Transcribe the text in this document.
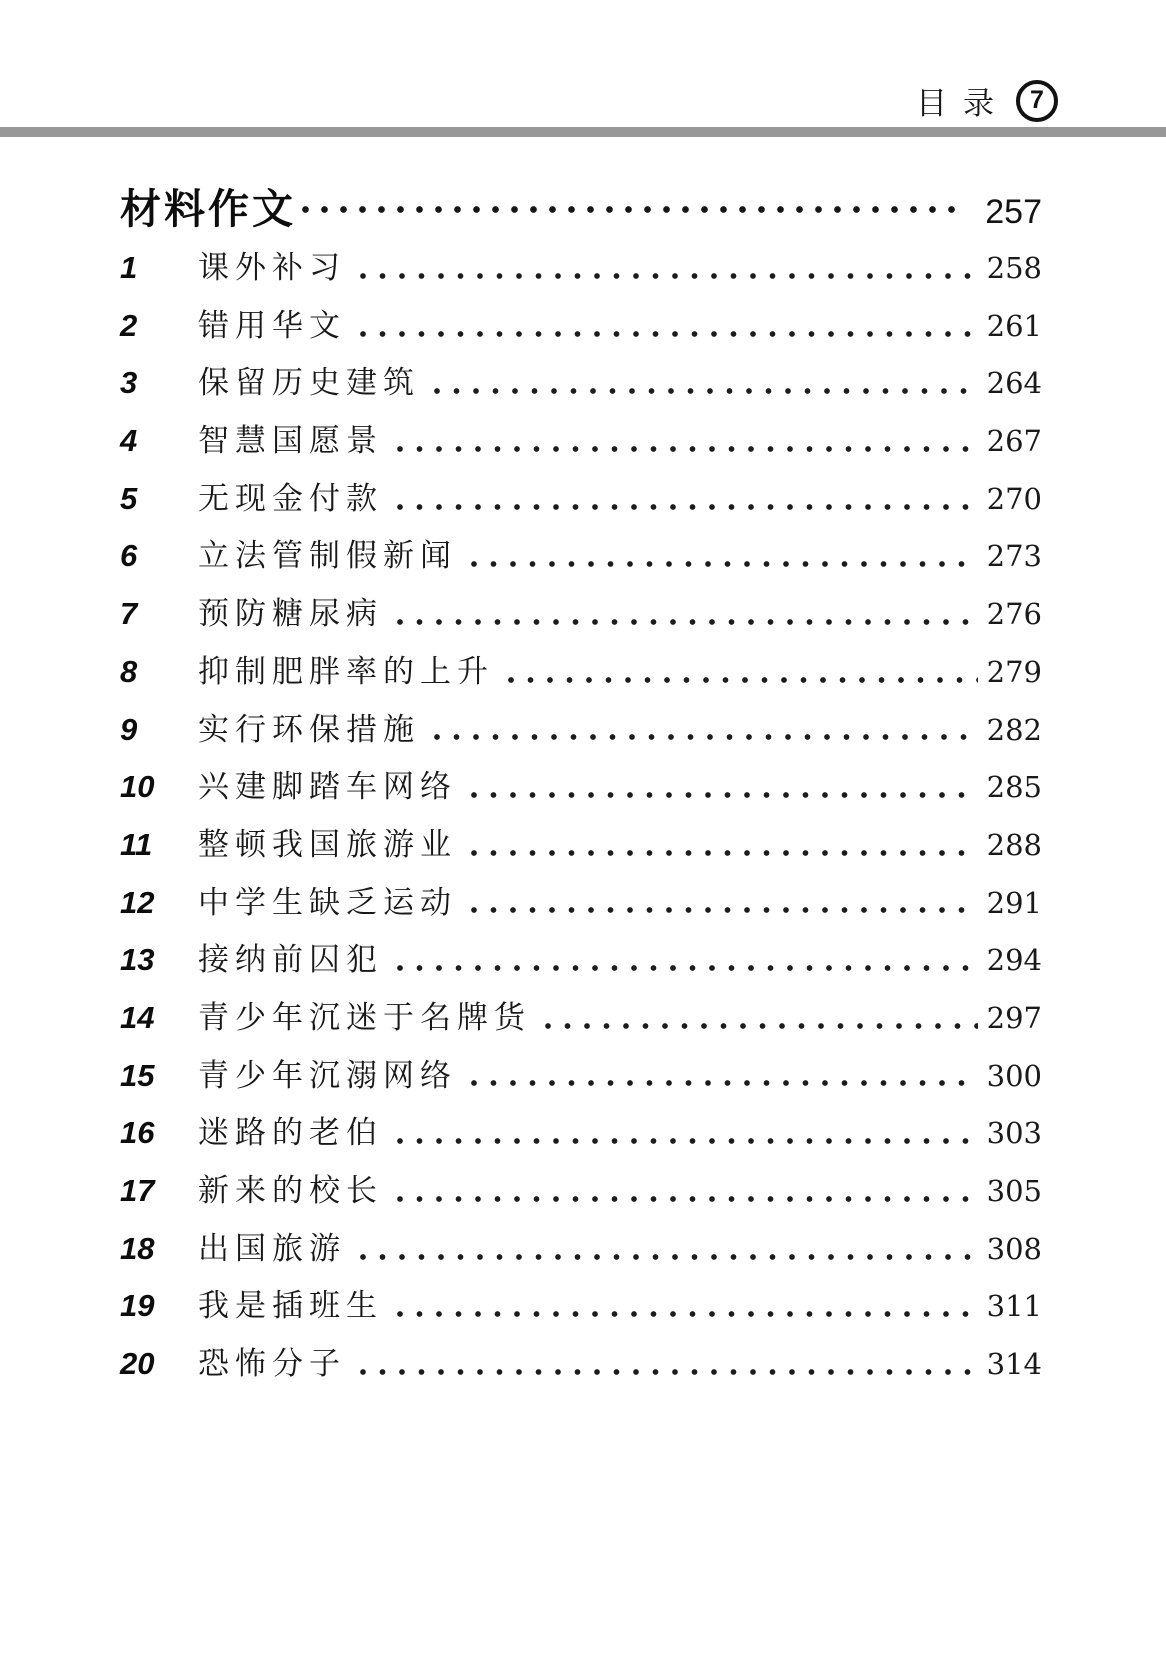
目录 7
材料作文	257
1	课外补习	258
2	错用华文	261
3	保留历史建筑	264
4	智慧国愿景	267
5	无现金付款	270
6	立法管制假新闻	273
7	预防糖尿病	276
8	抑制肥胖率的上升	279
9	实行环保措施	282
10	兴建脚踏车网络	285
11	整顿我国旅游业	288
12	中学生缺乏运动	291
13	接纳前囚犯	294
14	青少年沉迷于名牌货	297
15	青少年沉溺网络	300
16	迷路的老伯	303
17	新来的校长	305
18	出国旅游	308
19	我是插班生	311
20	恐怖分子	314
